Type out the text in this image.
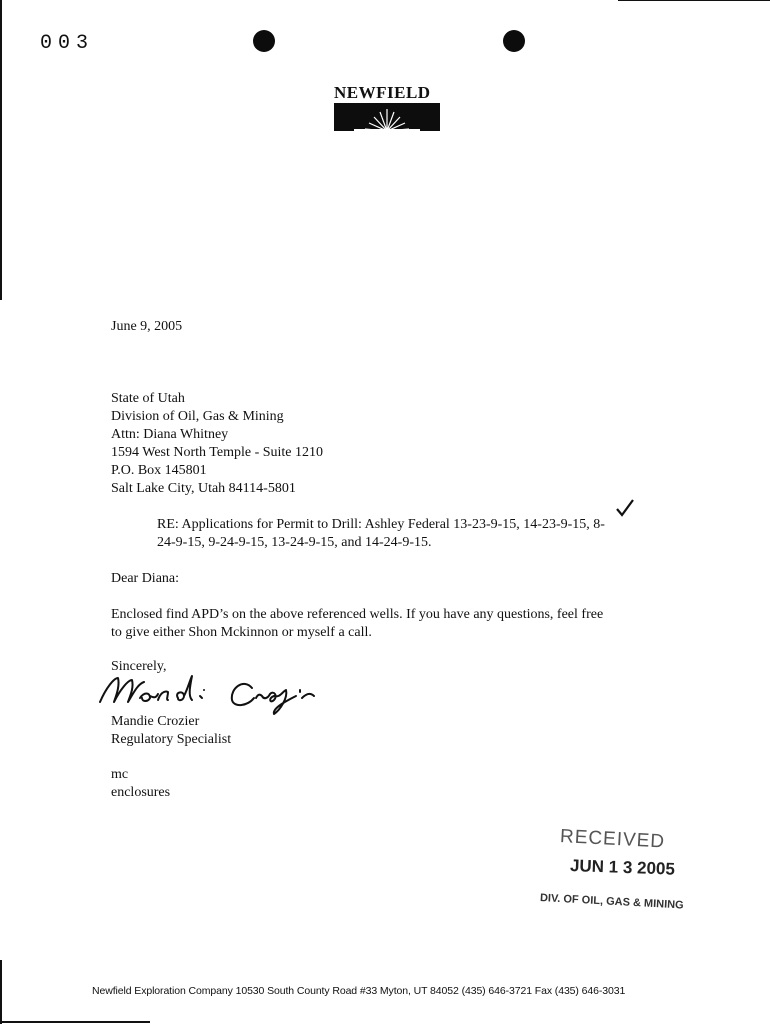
003
NEWFIELD
June 9, 2005
State of Utah
Division of Oil, Gas & Mining
Attn: Diana Whitney
1594 West North Temple - Suite 1210
P.O. Box 145801
Salt Lake City, Utah 84114-5801
RE: Applications for Permit to Drill: Ashley Federal 13-23-9-15, 14-23-9-15, 8-
24-9-15, 9-24-9-15, 13-24-9-15, and 14-24-9-15.
Dear Diana:
Enclosed find APD’s on the above referenced wells. If you have any questions, feel free
to give either Shon Mckinnon or myself a call.
Sincerely,
Mandie Crozier
Regulatory Specialist
mc
enclosures
RECEIVED
JUN 1 3 2005
DIV. OF OIL, GAS & MINING
Newfield Exploration Company 10530 South County Road #33 Myton, UT 84052 (435) 646-3721 Fax (435) 646-3031
